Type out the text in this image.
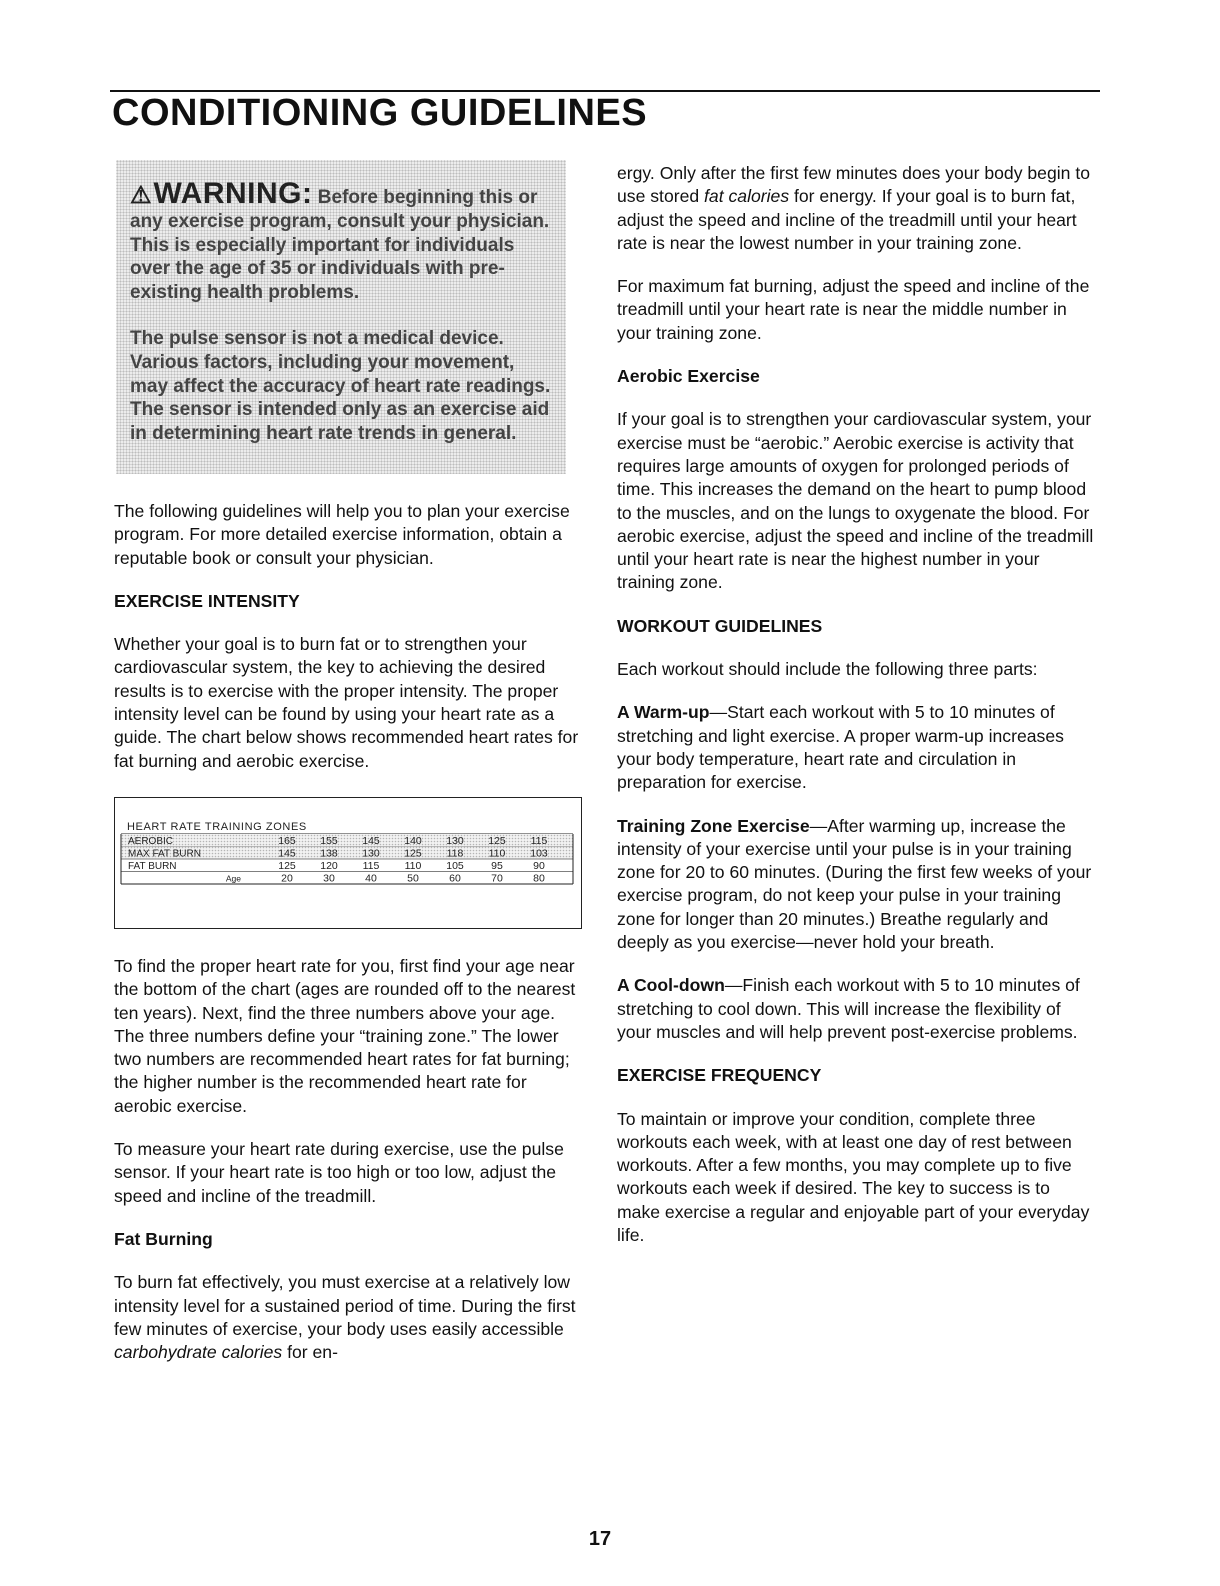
CONDITIONING GUIDELINES

⚠WARNING: Before beginning this or any exercise program, consult your physician. This is especially important for individuals over the age of 35 or individuals with pre-existing health problems.

The pulse sensor is not a medical device. Various factors, including your movement, may affect the accuracy of heart rate readings. The sensor is intended only as an exercise aid in determining heart rate trends in general.

The following guidelines will help you to plan your exercise program. For more detailed exercise information, obtain a reputable book or consult your physician.

EXERCISE INTENSITY

Whether your goal is to burn fat or to strengthen your cardiovascular system, the key to achieving the desired results is to exercise with the proper intensity. The proper intensity level can be found by using your heart rate as a guide. The chart below shows recommended heart rates for fat burning and aerobic exercise.

HEART RATE TRAINING ZONES
AEROBIC	165 155 145 140 130 125 115
MAX FAT BURN	145 138 130 125 118 110 103
FAT BURN	125 120 115 110 105	95	90
Age	20	30	40	50	60	70	80

To find the proper heart rate for you, first find your age near the bottom of the chart (ages are rounded off to the nearest ten years). Next, find the three numbers above your age. The three numbers define your “training zone.” The lower two numbers are recommended heart rates for fat burning; the higher number is the recommended heart rate for aerobic exercise.

To measure your heart rate during exercise, use the pulse sensor. If your heart rate is too high or too low, adjust the speed and incline of the treadmill.

Fat Burning

To burn fat effectively, you must exercise at a relatively low intensity level for a sustained period of time. During the first few minutes of exercise, your body uses easily accessible carbohydrate calories for en-

ergy. Only after the first few minutes does your body begin to use stored fat calories for energy. If your goal is to burn fat, adjust the speed and incline of the treadmill until your heart rate is near the lowest number in your training zone.

For maximum fat burning, adjust the speed and incline of the treadmill until your heart rate is near the middle number in your training zone.

Aerobic Exercise

If your goal is to strengthen your cardiovascular system, your exercise must be “aerobic.” Aerobic exercise is activity that requires large amounts of oxygen for prolonged periods of time. This increases the demand on the heart to pump blood to the muscles, and on the lungs to oxygenate the blood. For aerobic exercise, adjust the speed and incline of the treadmill until your heart rate is near the highest number in your training zone.

WORKOUT GUIDELINES

Each workout should include the following three parts:

A Warm-up—Start each workout with 5 to 10 minutes of stretching and light exercise. A proper warm-up increases your body temperature, heart rate and circulation in preparation for exercise.

Training Zone Exercise—After warming up, increase the intensity of your exercise until your pulse is in your training zone for 20 to 60 minutes. (During the first few weeks of your exercise program, do not keep your pulse in your training zone for longer than 20 minutes.) Breathe regularly and deeply as you exercise—never hold your breath.

A Cool-down—Finish each workout with 5 to 10 minutes of stretching to cool down. This will increase the flexibility of your muscles and will help prevent post-exercise problems.

EXERCISE FREQUENCY

To maintain or improve your condition, complete three workouts each week, with at least one day of rest between workouts. After a few months, you may complete up to five workouts each week if desired. The key to success is to make exercise a regular and enjoyable part of your everyday life.

17
